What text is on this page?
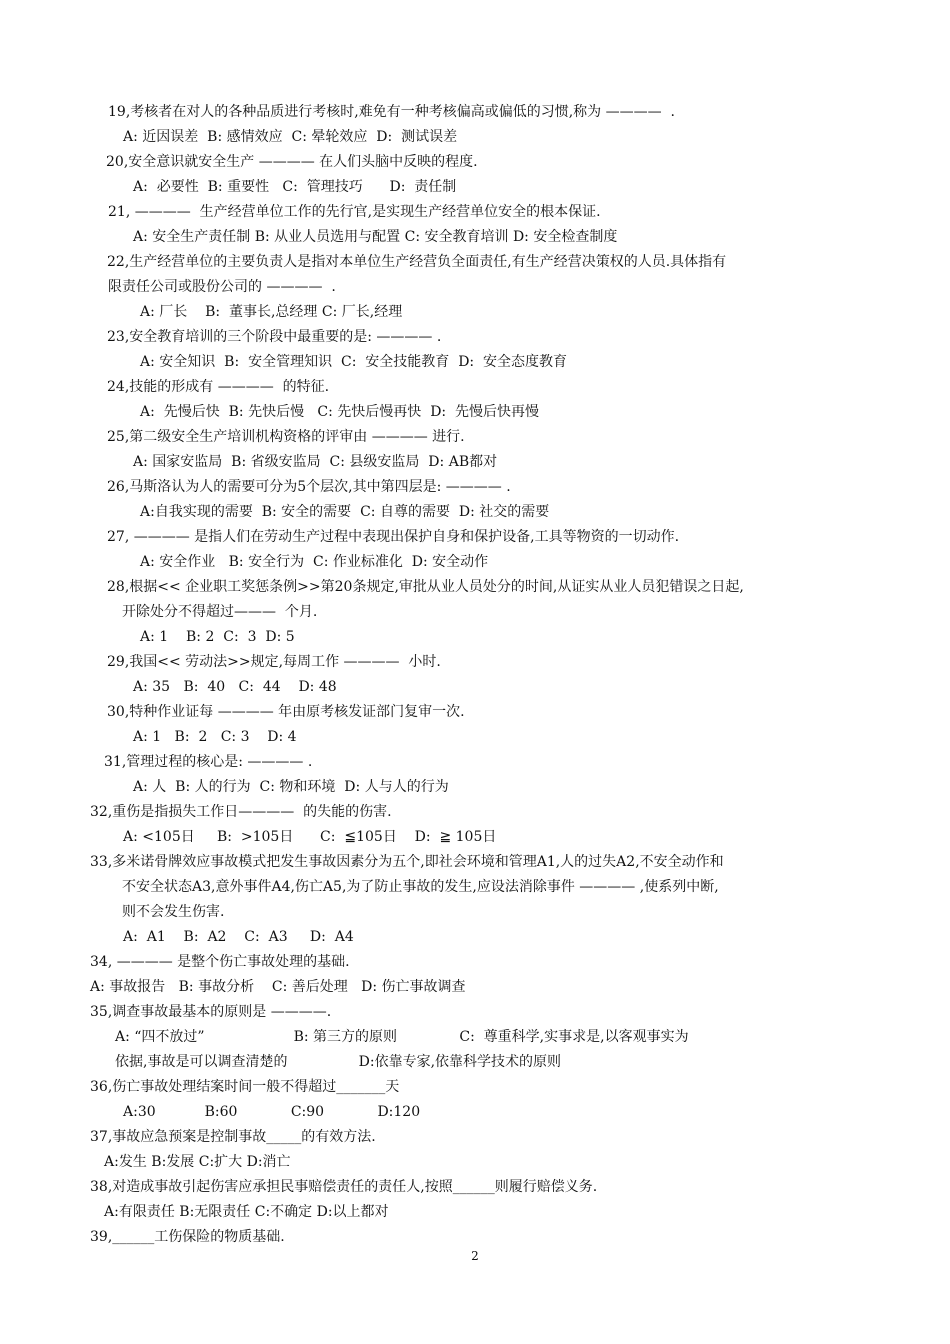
19,考核者在对人的各种品质进行考核时,难免有一种考核偏高或偏低的习惯,称为 ————  .
A: 近因误差  B: 感情效应  C: 晕轮效应  D:  测试误差
20,安全意识就安全生产 ———— 在人们头脑中反映的程度.
A:  必要性  B: 重要性   C:  管理技巧      D:  责任制
21, ————  生产经营单位工作的先行官,是实现生产经营单位安全的根本保证.
A: 安全生产责任制 B: 从业人员选用与配置 C: 安全教育培训 D: 安全检查制度
22,生产经营单位的主要负责人是指对本单位生产经营负全面责任,有生产经营决策权的人员.具体指有
限责任公司或股份公司的 ————  .
A: 厂长    B:  董事长,总经理 C: 厂长,经理
23,安全教育培训的三个阶段中最重要的是: ———— .
A: 安全知识  B:  安全管理知识  C:  安全技能教育  D:  安全态度教育
24,技能的形成有 ————  的特征.
A:  先慢后快  B: 先快后慢   C: 先快后慢再快  D:  先慢后快再慢
25,第二级安全生产培训机构资格的评审由 ———— 进行.
A: 国家安监局  B: 省级安监局  C: 县级安监局  D: AB都对
26,马斯洛认为人的需要可分为5个层次,其中第四层是: ———— .
A:自我实现的需要  B: 安全的需要  C: 自尊的需要  D: 社交的需要
27, ———— 是指人们在劳动生产过程中表现出保护自身和保护设备,工具等物资的一切动作.
A: 安全作业   B: 安全行为  C: 作业标准化  D: 安全动作
28,根据<< 企业职工奖惩条例>>第20条规定,审批从业人员处分的时间,从证实从业人员犯错误之日起,
开除处分不得超过———  个月.
A: 1    B: 2  C:  3  D: 5
29,我国<< 劳动法>>规定,每周工作 ————  小时.
A: 35   B:  40   C:  44    D: 48
30,特种作业证每 ———— 年由原考核发证部门复审一次.
A: 1   B:  2   C: 3    D: 4
31,管理过程的核心是: ———— .
A: 人  B: 人的行为  C: 物和环境  D: 人与人的行为
32,重伤是指损失工作日————  的失能的伤害.
A: <105日     B:  >105日      C:  ≦105日    D:  ≧ 105日
33,多米诺骨牌效应事故模式把发生事故因素分为五个,即社会环境和管理A1,人的过失A2,不安全动作和
不安全状态A3,意外事件A4,伤亡A5,为了防止事故的发生,应设法消除事件 ———— ,使系列中断,
则不会发生伤害.
A:  A1    B:  A2    C:  A3     D:  A4
34, ———— 是整个伤亡事故处理的基础.
A: 事故报告   B: 事故分析    C: 善后处理   D: 伤亡事故调查
35,调查事故最基本的原则是 ————.
A: “四不放过”                    B: 第三方的原则              C:  尊重科学,实事求是,以客观事实为
依据,事故是可以调查清楚的                D:依靠专家,依靠科学技术的原则
36,伤亡事故处理结案时间一般不得超过_______天
A:30           B:60            C:90            D:120
37,事故应急预案是控制事故_____的有效方法.
A:发生 B:发展 C:扩大 D:消亡
38,对造成事故引起伤害应承担民事赔偿责任的责任人,按照______则履行赔偿义务.
A:有限责任 B:无限责任 C:不确定 D:以上都对
39,______工伤保险的物质基础.
2
